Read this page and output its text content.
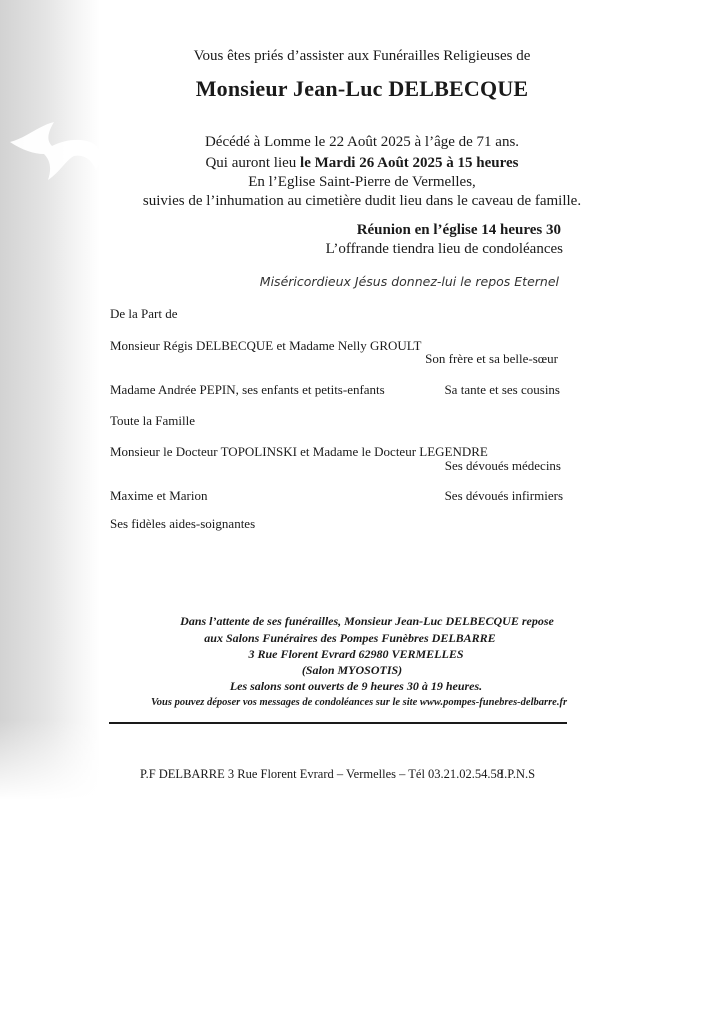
Vous êtes priés d’assister aux Funérailles Religieuses de
Monsieur Jean-Luc DELBECQUE
Décédé à Lomme le 22 Août 2025 à l’âge de 71 ans.
Qui auront lieu le Mardi 26 Août 2025 à 15 heures
En l’Eglise Saint-Pierre de Vermelles,
suivies de l’inhumation au cimetière dudit lieu dans le caveau de famille.
Réunion en l’église 14 heures 30
L’offrande tiendra lieu de condoléances
Miséricordieux Jésus donnez-lui le repos Eternel
De la Part de
Monsieur Régis DELBECQUE et Madame Nelly GROULT
Son frère et sa belle-sœur
Madame Andrée PEPIN, ses enfants et petits-enfants	Sa tante et ses cousins
Toute la Famille
Monsieur le Docteur TOPOLINSKI et Madame le Docteur LEGENDRE
Ses dévoués médecins
Maxime et Marion	Ses dévoués infirmiers
Ses fidèles aides-soignantes
Dans l’attente de ses funérailles, Monsieur Jean-Luc DELBECQUE repose
aux Salons Funéraires des Pompes Funèbres DELBARRE
3 Rue Florent Evrard 62980 VERMELLES
(Salon MYOSOTIS)
Les salons sont ouverts de 9 heures 30 à 19 heures.
Vous pouvez déposer vos messages de condoléances sur le site www.pompes-funebres-delbarre.fr
P.F DELBARRE 3 Rue Florent Evrard – Vermelles – Tél 03.21.02.54.58
I.P.N.S
